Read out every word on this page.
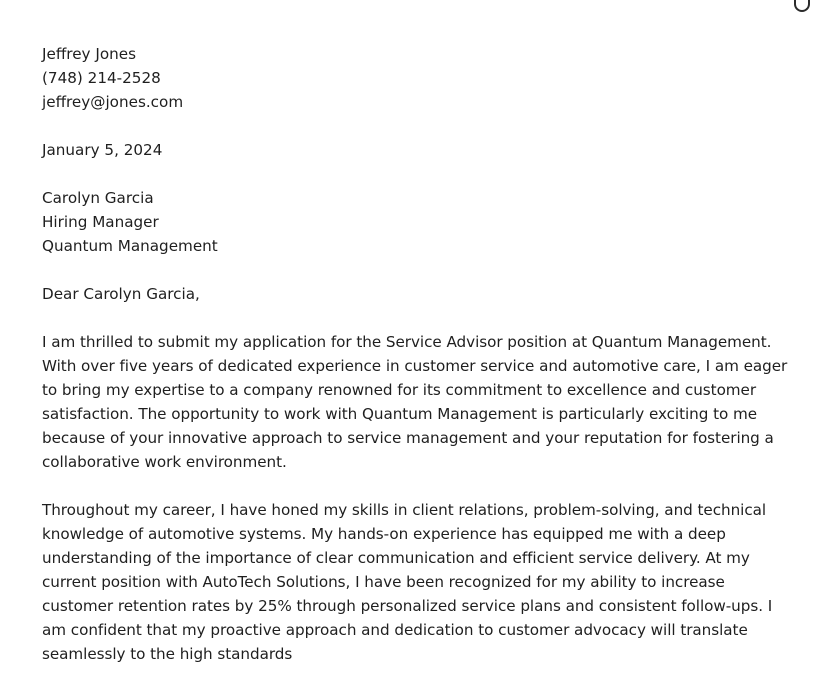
Jeffrey Jones
(748) 214-2528
jeffrey@jones.com
January 5, 2024
Carolyn Garcia
Hiring Manager
Quantum Management
Dear Carolyn Garcia,

I am thrilled to submit my application for the Service Advisor position at Quantum Management. With over five years of dedicated experience in customer service and automotive care, I am eager to bring my expertise to a company renowned for its commitment to excellence and customer satisfaction. The opportunity to work with Quantum Management is particularly exciting to me because of your innovative approach to service management and your reputation for fostering a collaborative work environment.

Throughout my career, I have honed my skills in client relations, problem-solving, and technical knowledge of automotive systems. My hands-on experience has equipped me with a deep understanding of the importance of clear communication and efficient service delivery. At my current position with AutoTech Solutions, I have been recognized for my ability to increase customer retention rates by 25% through personalized service plans and consistent follow-ups. I am confident that my proactive approach and dedication to customer advocacy will translate seamlessly to the high standards
